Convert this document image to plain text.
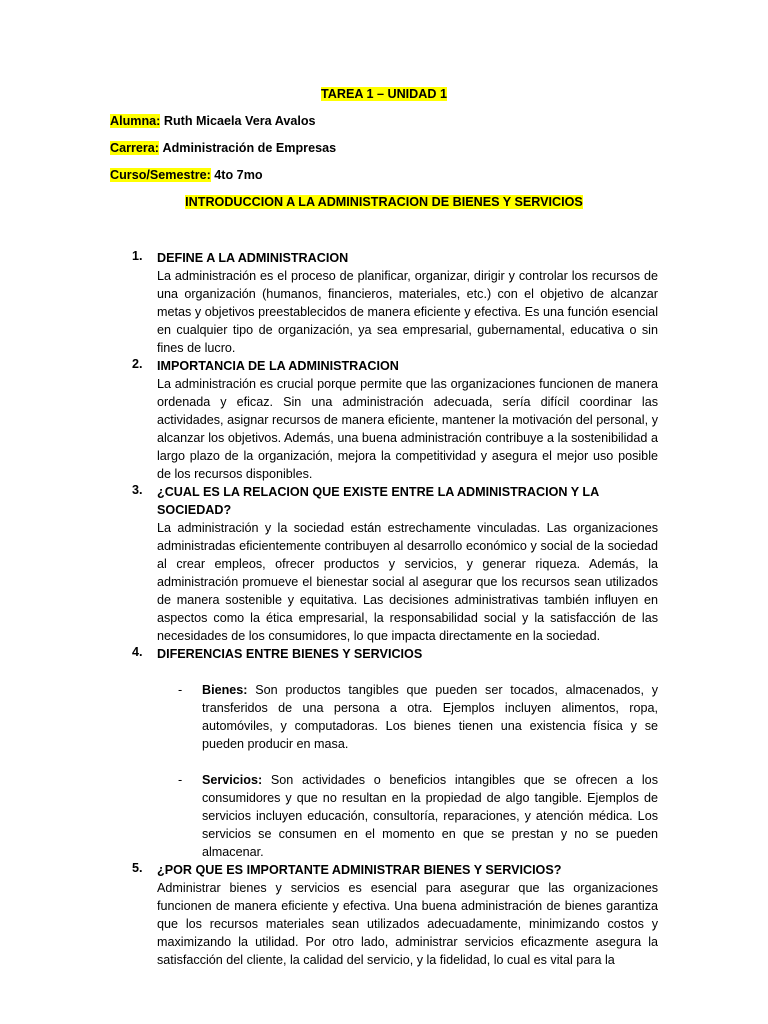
TAREA 1 – UNIDAD 1
Alumna: Ruth Micaela Vera Avalos
Carrera: Administración de Empresas
Curso/Semestre: 4to 7mo
INTRODUCCION A LA ADMINISTRACION DE BIENES Y SERVICIOS
1. DEFINE A LA ADMINISTRACION

La administración es el proceso de planificar, organizar, dirigir y controlar los recursos de una organización (humanos, financieros, materiales, etc.) con el objetivo de alcanzar metas y objetivos preestablecidos de manera eficiente y efectiva. Es una función esencial en cualquier tipo de organización, ya sea empresarial, gubernamental, educativa o sin fines de lucro.

2. IMPORTANCIA DE LA ADMINISTRACION

La administración es crucial porque permite que las organizaciones funcionen de manera ordenada y eficaz. Sin una administración adecuada, sería difícil coordinar las actividades, asignar recursos de manera eficiente, mantener la motivación del personal, y alcanzar los objetivos. Además, una buena administración contribuye a la sostenibilidad a largo plazo de la organización, mejora la competitividad y asegura el mejor uso posible de los recursos disponibles.

3. ¿CUAL ES LA RELACION QUE EXISTE ENTRE LA ADMINISTRACION Y LA SOCIEDAD?

La administración y la sociedad están estrechamente vinculadas. Las organizaciones administradas eficientemente contribuyen al desarrollo económico y social de la sociedad al crear empleos, ofrecer productos y servicios, y generar riqueza. Además, la administración promueve el bienestar social al asegurar que los recursos sean utilizados de manera sostenible y equitativa. Las decisiones administrativas también influyen en aspectos como la ética empresarial, la responsabilidad social y la satisfacción de las necesidades de los consumidores, lo que impacta directamente en la sociedad.

4. DIFERENCIAS ENTRE BIENES Y SERVICIOS
- Bienes: Son productos tangibles que pueden ser tocados, almacenados, y transferidos de una persona a otra. Ejemplos incluyen alimentos, ropa, automóviles, y computadoras. Los bienes tienen una existencia física y se pueden producir en masa.
- Servicios: Son actividades o beneficios intangibles que se ofrecen a los consumidores y que no resultan en la propiedad de algo tangible. Ejemplos de servicios incluyen educación, consultoría, reparaciones, y atención médica. Los servicios se consumen en el momento en que se prestan y no se pueden almacenar.
5. ¿POR QUE ES IMPORTANTE ADMINISTRAR BIENES Y SERVICIOS?

Administrar bienes y servicios es esencial para asegurar que las organizaciones funcionen de manera eficiente y efectiva. Una buena administración de bienes garantiza que los recursos materiales sean utilizados adecuadamente, minimizando costos y maximizando la utilidad. Por otro lado, administrar servicios eficazmente asegura la satisfacción del cliente, la calidad del servicio, y la fidelidad, lo cual es vital para la
